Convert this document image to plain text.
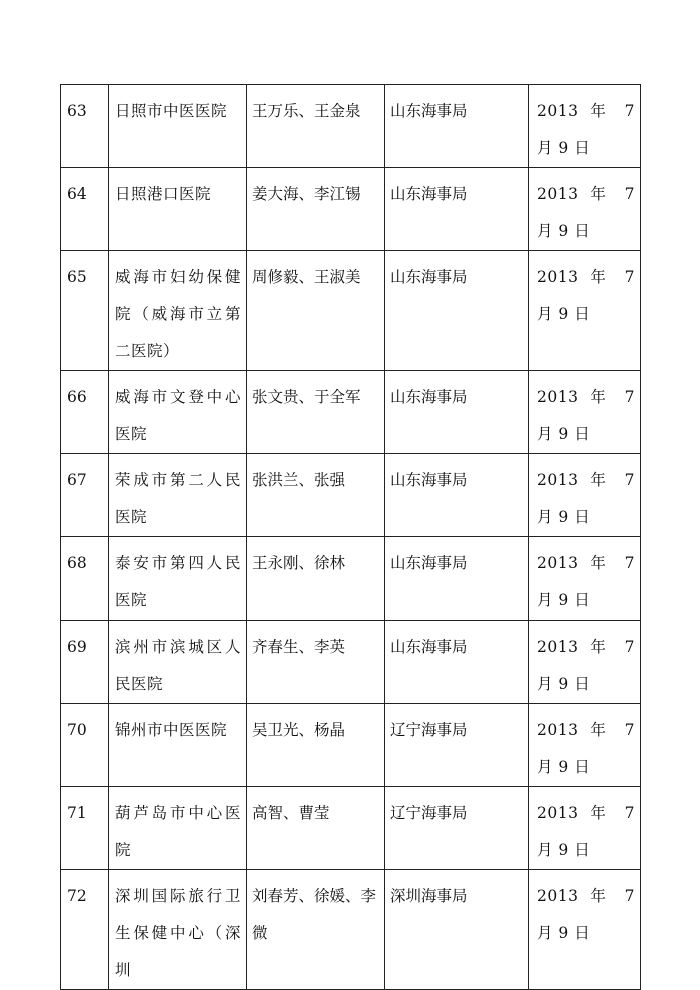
63	日照市中医医院	王万乐、王金泉	山东海事局	2013 年 7 月 9 日
64	日照港口医院	姜大海、李江锡	山东海事局	2013 年 7 月 9 日
65	威海市妇幼保健院（威海市立第二医院）	周修毅、王淑美	山东海事局	2013 年 7 月 9 日
66	威海市文登中心医院	张文贵、于全军	山东海事局	2013 年 7 月 9 日
67	荣成市第二人民医院	张洪兰、张强	山东海事局	2013 年 7 月 9 日
68	泰安市第四人民医院	王永刚、徐林	山东海事局	2013 年 7 月 9 日
69	滨州市滨城区人民医院	齐春生、李英	山东海事局	2013 年 7 月 9 日
70	锦州市中医医院	吴卫光、杨晶	辽宁海事局	2013 年 7 月 9 日
71	葫芦岛市中心医院	高智、曹莹	辽宁海事局	2013 年 7 月 9 日
72	深圳国际旅行卫生保健中心（深圳	刘春芳、徐媛、李微	深圳海事局	2013 年 7 月 9 日
